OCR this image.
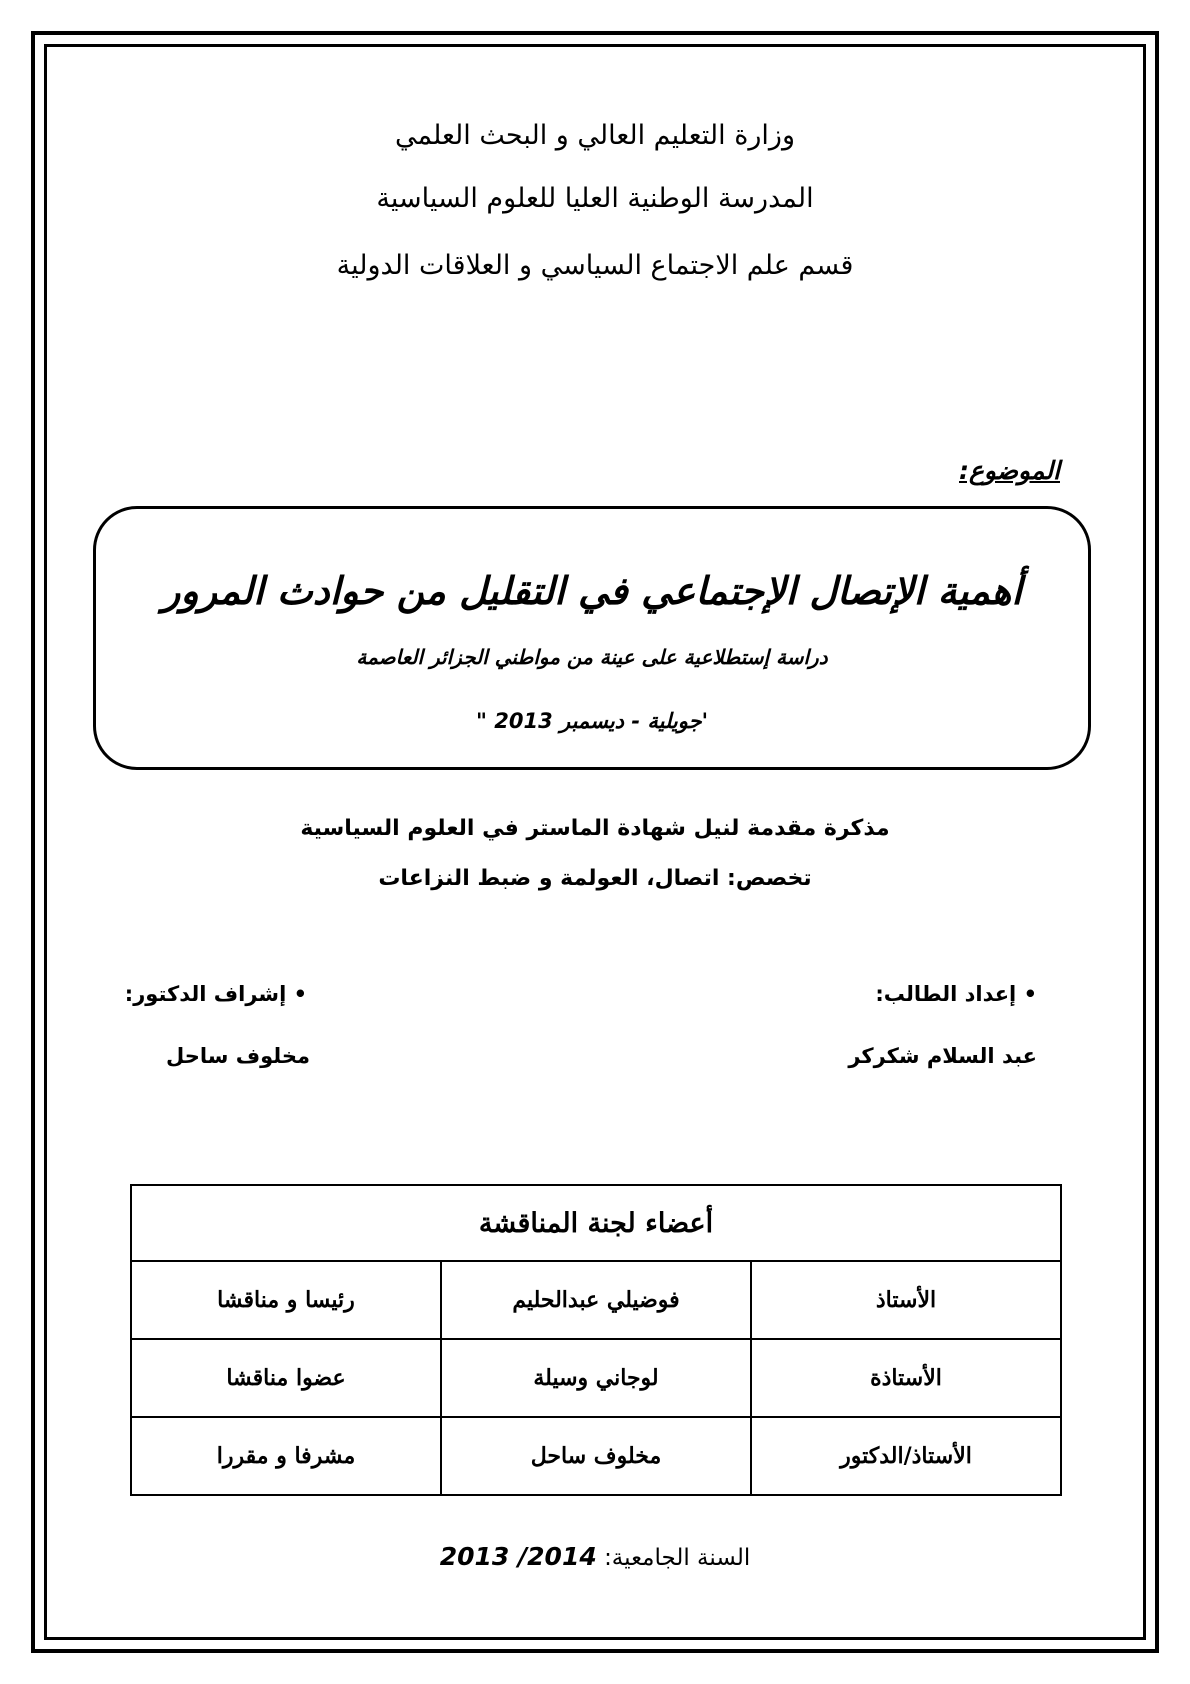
وزارة التعليم العالي و البحث العلمي
المدرسة الوطنية العليا للعلوم السياسية
قسم علم الاجتماع السياسي و العلاقات الدولية
الموضوع:
أهمية الإتصال الإجتماعي في التقليل من حوادث المرور
دراسة إستطلاعية على عينة من مواطني الجزائر العاصمة
'جويلية - ديسمبر 2013 "
مذكرة مقدمة لنيل شهادة الماستر في العلوم السياسية
تخصص: اتصال، العولمة و ضبط النزاعات
• إعداد الطالب:
عبد السلام شكركر
• إشراف الدكتور:
مخلوف ساحل
أعضاء لجنة المناقشة		
الأستاذ	فوضيلي عبدالحليم	رئيسا و مناقشا
الأستاذة	لوجاني وسيلة	عضوا مناقشا
الأستاذ/الدكتور	مخلوف ساحل	مشرفا و مقررا
السنة الجامعية: 2013 /2014
